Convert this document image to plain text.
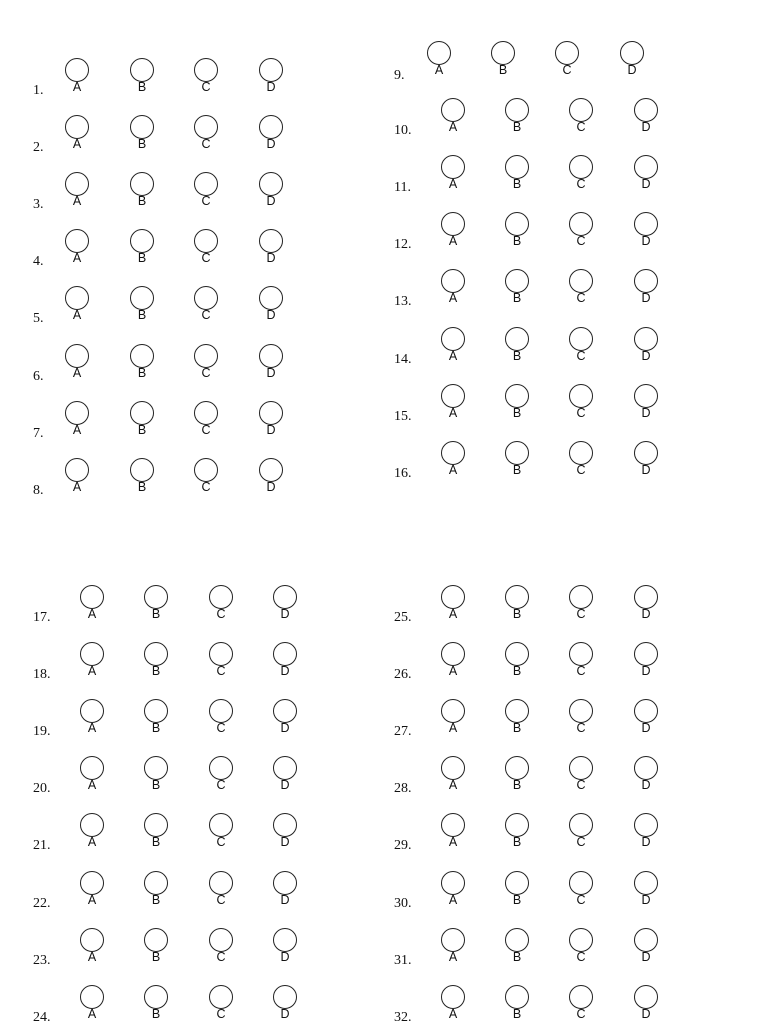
1.	A	B	C	D
2.	A	B	C	D
3.	A	B	C	D
4.	A	B	C	D
5.	A	B	C	D
6.	A	B	C	D
7.	A	B	C	D
8.	A	B	C	D
9.	A	B	C	D
10.	A	B	C	D
11.	A	B	C	D
12.	A	B	C	D
13.	A	B	C	D
14.	A	B	C	D
15.	A	B	C	D
16.	A	B	C	D
17.	A	B	C	D
18.	A	B	C	D
19.	A	B	C	D
20.	A	B	C	D
21.	A	B	C	D
22.	A	B	C	D
23.	A	B	C	D
24.	A	B	C	D
25.	A	B	C	D
26.	A	B	C	D
27.	A	B	C	D
28.	A	B	C	D
29.	A	B	C	D
30.	A	B	C	D
31.	A	B	C	D
32.	A	B	C	D
